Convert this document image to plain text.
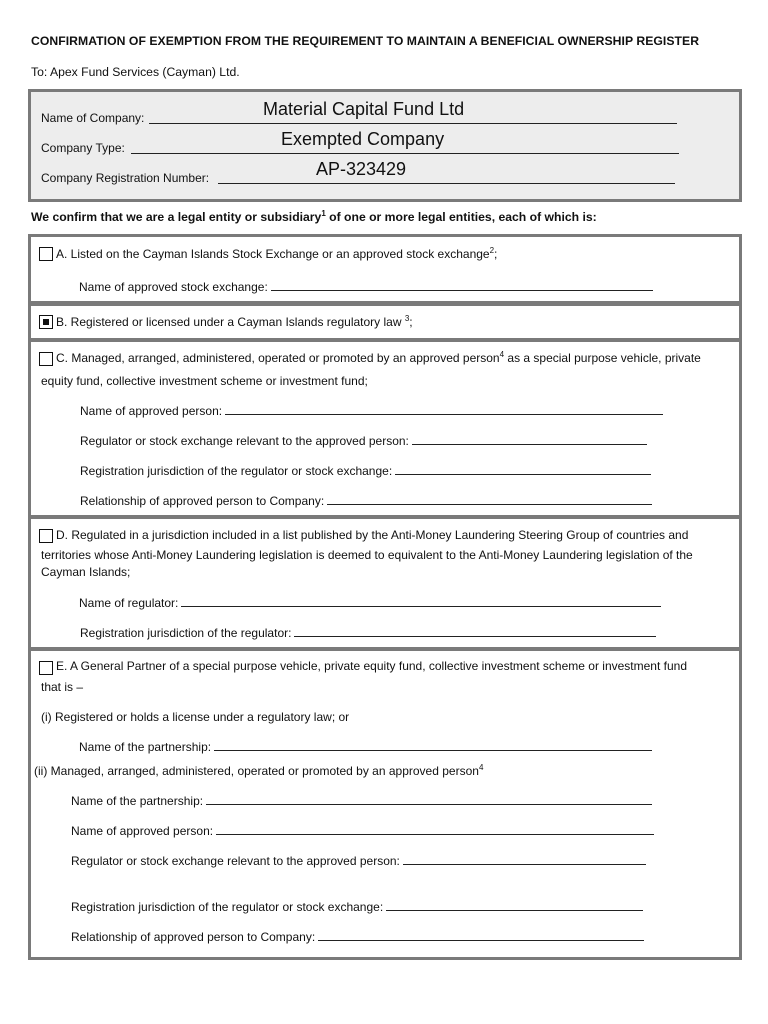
CONFIRMATION OF EXEMPTION FROM THE REQUIREMENT TO MAINTAIN A BENEFICIAL OWNERSHIP REGISTER
To: Apex Fund Services (Cayman) Ltd.
Name of Company:	Material Capital Fund Ltd
Company Type:	Exempted Company
Company Registration Number:	AP-323429
We confirm that we are a legal entity or subsidiary$^1$ of one or more legal entities, each of which is:
A. Listed on the Cayman Islands Stock Exchange or an approved stock exchange$^2$;
Name of approved stock exchange:
B. Registered or licensed under a Cayman Islands regulatory law $^3$;
C. Managed, arranged, administered, operated or promoted by an approved person$^4$ as a special purpose vehicle, private
equity fund, collective investment scheme or investment fund;
Name of approved person:
Regulator or stock exchange relevant to the approved person:
Registration jurisdiction of the regulator or stock exchange:
Relationship of approved person to Company:
D. Regulated in a jurisdiction included in a list published by the Anti-Money Laundering Steering Group of countries and
territories whose Anti-Money Laundering legislation is deemed to equivalent to the Anti-Money Laundering legislation of the
Cayman Islands;
Name of regulator:
Registration jurisdiction of the regulator:
E. A General Partner of a special purpose vehicle, private equity fund, collective investment scheme or investment fund
that is –
(i) Registered or holds a license under a regulatory law; or
Name of the partnership:
(ii) Managed, arranged, administered, operated or promoted by an approved person$^4$
Name of the partnership:
Name of approved person:
Regulator or stock exchange relevant to the approved person:
Registration jurisdiction of the regulator or stock exchange:
Relationship of approved person to Company:
